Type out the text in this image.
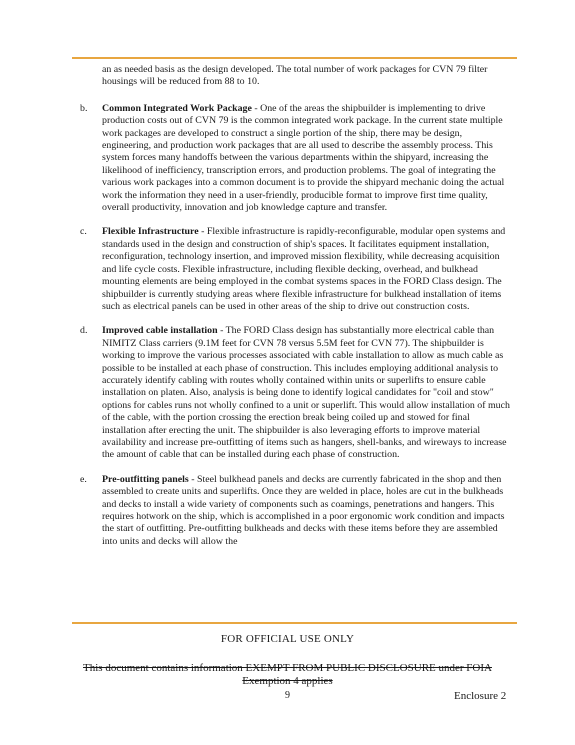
an as needed basis as the design developed. The total number of work packages for CVN 79 filter housings will be reduced from 88 to 10.

b. Common Integrated Work Package - One of the areas the shipbuilder is implementing to drive production costs out of CVN 79 is the common integrated work package. In the current state multiple work packages are developed to construct a single portion of the ship, there may be design, engineering, and production work packages that are all used to describe the assembly process. This system forces many handoffs between the various departments within the shipyard, increasing the likelihood of inefficiency, transcription errors, and production problems. The goal of integrating the various work packages into a common document is to provide the shipyard mechanic doing the actual work the information they need in a user-friendly, producible format to improve first time quality, overall productivity, innovation and job knowledge capture and transfer.

c. Flexible Infrastructure - Flexible infrastructure is rapidly-reconfigurable, modular open systems and standards used in the design and construction of ship's spaces. It facilitates equipment installation, reconfiguration, technology insertion, and improved mission flexibility, while decreasing acquisition and life cycle costs. Flexible infrastructure, including flexible decking, overhead, and bulkhead mounting elements are being employed in the combat systems spaces in the FORD Class design. The shipbuilder is currently studying areas where flexible infrastructure for bulkhead installation of items such as electrical panels can be used in other areas of the ship to drive out construction costs.

d. Improved cable installation - The FORD Class design has substantially more electrical cable than NIMITZ Class carriers (9.1M feet for CVN 78 versus 5.5M feet for CVN 77). The shipbuilder is working to improve the various processes associated with cable installation to allow as much cable as possible to be installed at each phase of construction. This includes employing additional analysis to accurately identify cabling with routes wholly contained within units or superlifts to ensure cable installation on platen. Also, analysis is being done to identify logical candidates for "coil and stow" options for cables runs not wholly confined to a unit or superlift. This would allow installation of much of the cable, with the portion crossing the erection break being coiled up and stowed for final installation after erecting the unit. The shipbuilder is also leveraging efforts to improve material availability and increase pre-outfitting of items such as hangers, shell-banks, and wireways to increase the amount of cable that can be installed during each phase of construction.

e. Pre-outfitting panels - Steel bulkhead panels and decks are currently fabricated in the shop and then assembled to create units and superlifts. Once they are welded in place, holes are cut in the bulkheads and decks to install a wide variety of components such as coamings, penetrations and hangers. This requires hotwork on the ship, which is accomplished in a poor ergonomic work condition and impacts the start of outfitting. Pre-outfitting bulkheads and decks with these items before they are assembled into units and decks will allow the

FOR OFFICIAL USE ONLY
This document contains information EXEMPT FROM PUBLIC DISCLOSURE under FOIA
Exemption 4 applies
9	Enclosure 2
